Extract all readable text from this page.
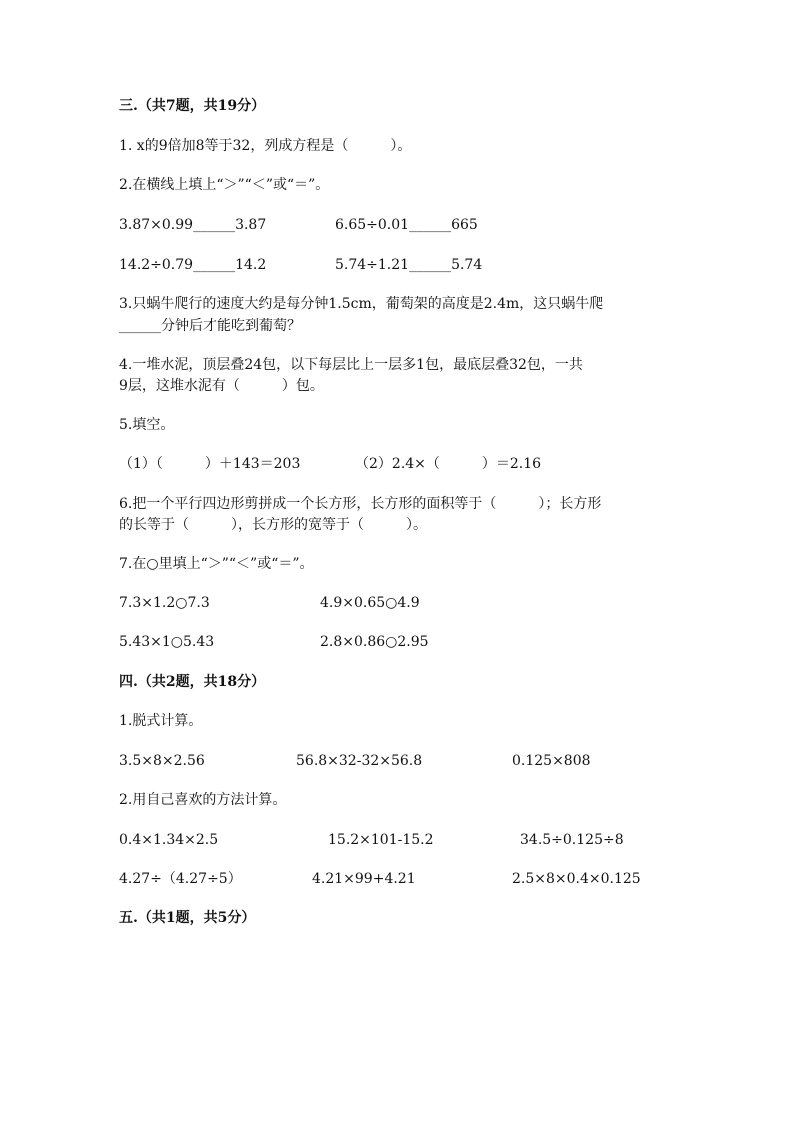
三.（共7题，共19分）
1. x的9倍加8等于32，列成方程是（　　　）。
2.在横线上填上“＞”“＜”或“＝”。
3.87×0.99______3.87	6.65÷0.01______665
14.2÷0.79______14.2	5.74÷1.21______5.74
3.只蜗牛爬行的速度大约是每分钟1.5cm，葡萄架的高度是2.4m，这只蜗牛爬
______分钟后才能吃到葡萄？
4.一堆水泥，顶层叠24包，以下每层比上一层多1包，最底层叠32包，一共
9层，这堆水泥有（　　　）包。
5.填空。
（1）（　　　）＋143＝203	（2）2.4×（　　　）＝2.16
6.把一个平行四边形剪拼成一个长方形，长方形的面积等于（　　　）；长方形
的长等于（　　　），长方形的宽等于（　　　）。
7.在○里填上“＞”“＜”或“＝”。
7.3×1.2○7.3	4.9×0.65○4.9
5.43×1○5.43	2.8×0.86○2.95
四.（共2题，共18分）
1.脱式计算。
3.5×8×2.56	56.8×32-32×56.8	0.125×808
2.用自己喜欢的方法计算。
0.4×1.34×2.5	15.2×101-15.2	34.5÷0.125÷8
4.27÷（4.27÷5）	4.21×99+4.21	2.5×8×0.4×0.125
五.（共1题，共5分）
